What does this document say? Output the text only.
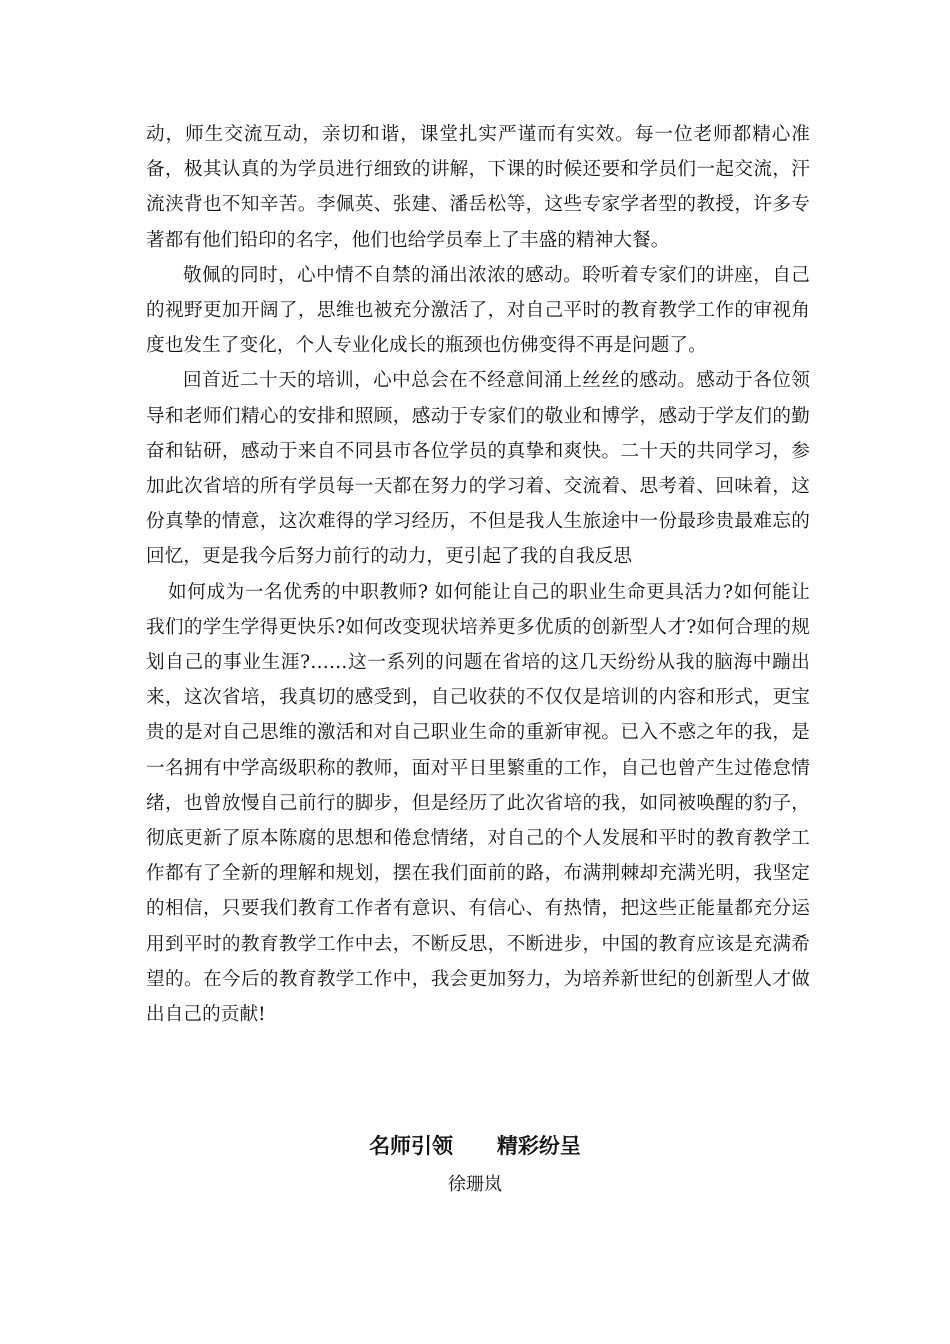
动，师生交流互动，亲切和谐，课堂扎实严谨而有实效。每一位老师都精心准备，极其认真的为学员进行细致的讲解，下课的时候还要和学员们一起交流，汗流浃背也不知辛苦。李佩英、张建、潘岳松等，这些专家学者型的教授，许多专著都有他们铅印的名字，他们也给学员奉上了丰盛的精神大餐。

敬佩的同时，心中情不自禁的涌出浓浓的感动。聆听着专家们的讲座，自己的视野更加开阔了，思维也被充分激活了，对自己平时的教育教学工作的审视角度也发生了变化，个人专业化成长的瓶颈也仿佛变得不再是问题了。

回首近二十天的培训，心中总会在不经意间涌上丝丝的感动。感动于各位领导和老师们精心的安排和照顾，感动于专家们的敬业和博学，感动于学友们的勤奋和钻研，感动于来自不同县市各位学员的真挚和爽快。二十天的共同学习，参加此次省培的所有学员每一天都在努力的学习着、交流着、思考着、回味着，这份真挚的情意，这次难得的学习经历，不但是我人生旅途中一份最珍贵最难忘的回忆，更是我今后努力前行的动力，更引起了我的自我反思

如何成为一名优秀的中职教师? 如何能让自己的职业生命更具活力?如何能让我们的学生学得更快乐?如何改变现状培养更多优质的创新型人才?如何合理的规划自己的事业生涯?……这一系列的问题在省培的这几天纷纷从我的脑海中蹦出来，这次省培，我真切的感受到，自己收获的不仅仅是培训的内容和形式，更宝贵的是对自己思维的激活和对自己职业生命的重新审视。已入不惑之年的我，是一名拥有中学高级职称的教师，面对平日里繁重的工作，自己也曾产生过倦怠情绪，也曾放慢自己前行的脚步，但是经历了此次省培的我，如同被唤醒的豹子，彻底更新了原本陈腐的思想和倦怠情绪，对自己的个人发展和平时的教育教学工作都有了全新的理解和规划，摆在我们面前的路，布满荆棘却充满光明，我坚定的相信，只要我们教育工作者有意识、有信心、有热情，把这些正能量都充分运用到平时的教育教学工作中去，不断反思，不断进步，中国的教育应该是充满希望的。在今后的教育教学工作中，我会更加努力，为培养新世纪的创新型人才做出自己的贡献!

名师引领      精彩纷呈
徐珊岚
